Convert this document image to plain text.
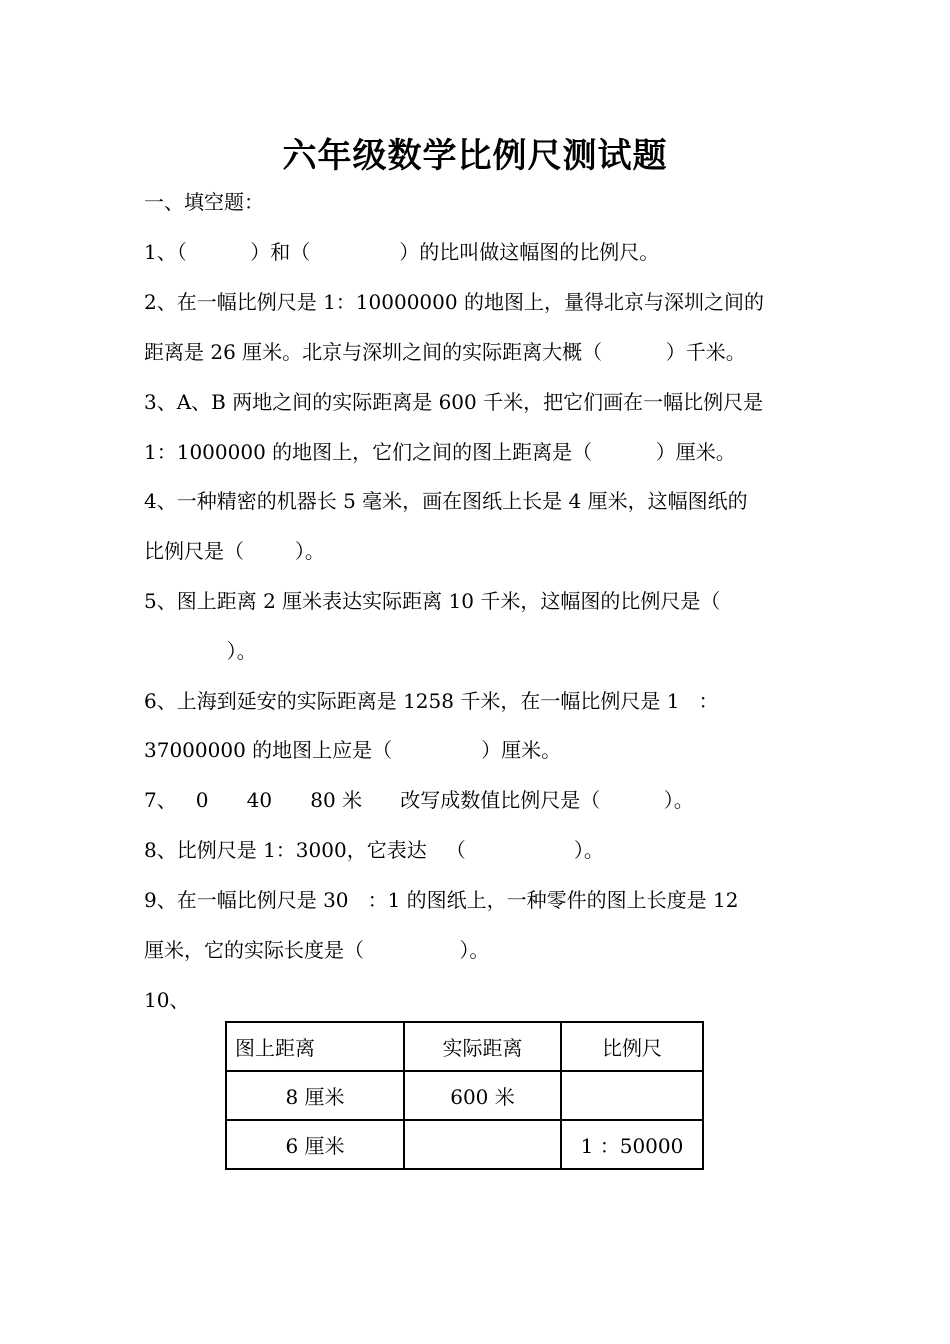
六年级数学比例尺测试题
一、填空题：
1、（          ）和（              ）的比叫做这幅图的比例尺。
2、在一幅比例尺是 1：10000000 的地图上，量得北京与深圳之间的
距离是 26 厘米。北京与深圳之间的实际距离大概（          ）千米。
3、A、B 两地之间的实际距离是 600 千米，把它们画在一幅比例尺是
1：1000000 的地图上，它们之间的图上距离是（          ）厘米。
4、一种精密的机器长 5 毫米，画在图纸上长是 4 厘米，这幅图纸的
比例尺是（        ）。
5、图上距离 2 厘米表达实际距离 10 千米，这幅图的比例尺是（
）。
6、上海到延安的实际距离是 1258 千米，在一幅比例尺是 1   ：
37000000 的地图上应是（              ）厘米。
7、   0      40      80 米      改写成数值比例尺是（          ）。
8、比例尺是 1：3000，它表达   （                 ）。
9、在一幅比例尺是 30   ：1 的图纸上，一种零件的图上长度是 12
厘米，它的实际长度是（               ）。
10、
图上距离	实际距离	比例尺
8 厘米	600 米	
6 厘米		1 ：50000
